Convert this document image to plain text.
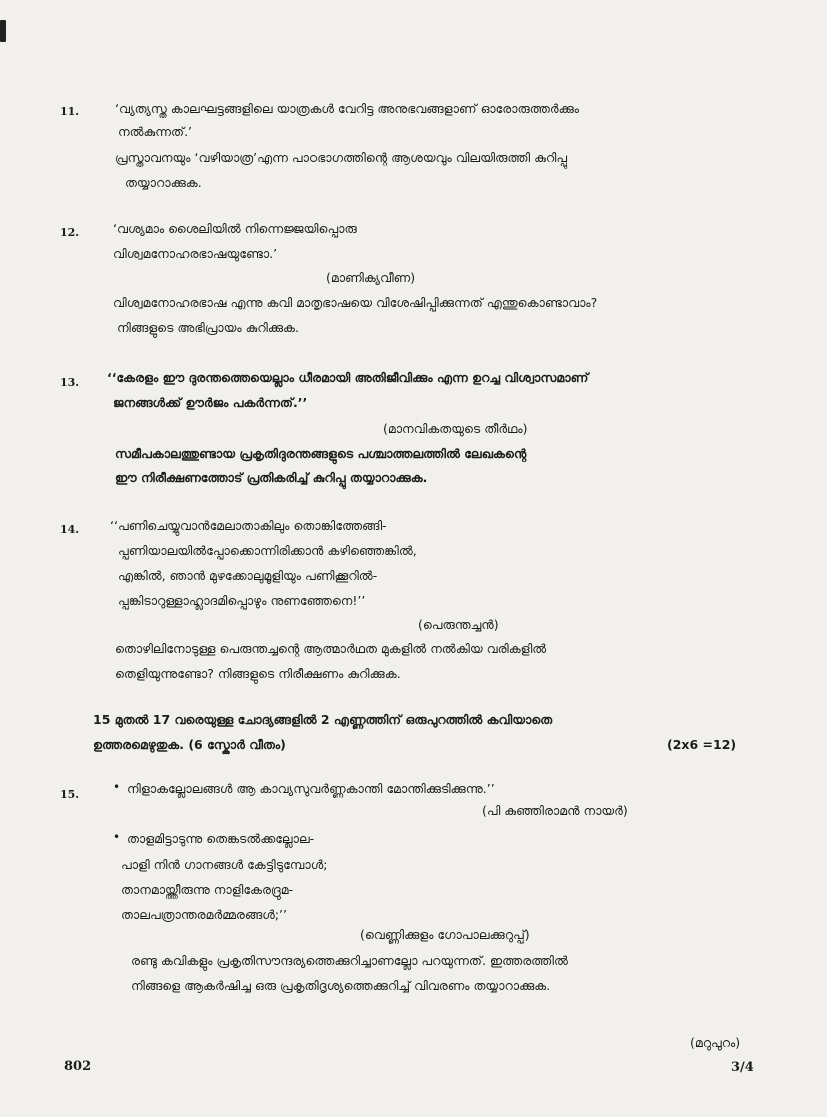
11.	‘വ്യത്യസ്ത കാലഘട്ടങ്ങളിലെ യാത്രകൾ വേറിട്ട അനുഭവങ്ങളാണ് ഓരോരുത്തർക്കും
നൽകുന്നത്.’
പ്രസ്താവനയും ‘വഴിയാത്ര’എന്ന പാഠഭാഗത്തിന്റെ ആശയവും വിലയിരുത്തി കുറിപ്പു
തയ്യാറാക്കുക.
12.	‘വശ്യമാം ശൈലിയിൽ നിന്നെജ്ജയിപ്പൊരു
വിശ്വമനോഹരഭാഷയുണ്ടോ.’
(മാണിക്യവീണ)
വിശ്വമനോഹരഭാഷ എന്നു കവി മാതൃഭാഷയെ വിശേഷിപ്പിക്കുന്നത് എന്തുകൊണ്ടാവാം?
നിങ്ങളുടെ അഭിപ്രായം കുറിക്കുക.
13. ‘‘കേരളം ഈ ദുരന്തത്തെയെല്ലാം ധീരമായി അതിജീവിക്കും എന്ന ഉറച്ച വിശ്വാസമാണ്
ജനങ്ങൾക്ക് ഊർജം പകർന്നത്.’’
(മാനവികതയുടെ തീർഥം)
സമീപകാലത്തുണ്ടായ പ്രകൃതിദുരന്തങ്ങളുടെ പശ്ചാത്തലത്തിൽ ലേഖകന്റെ
ഈ നിരീക്ഷണത്തോട് പ്രതികരിച്ച് കുറിപ്പു തയ്യാറാക്കുക.
14. ‘‘പണിചെയ്യുവാൻമേലാതാകിലും തൊങ്കിത്തേങ്ങി-
പ്പണിയാലയിൽപ്പോക്കൊന്നിരിക്കാൻ കഴിഞ്ഞെങ്കിൽ,
എങ്കിൽ, ഞാൻ മുഴക്കോലുമൂളിയും പണിക്കൂറിൽ-
പ്പങ്കിടാറുള്ളാഹ്ലാദമിപ്പൊഴും നുണഞ്ഞേനെ!’’
(പെരുന്തച്ചൻ)
തൊഴിലിനോടുള്ള പെരുന്തച്ചന്റെ ആത്മാർഥത മുകളിൽ നൽകിയ വരികളിൽ
തെളിയുന്നുണ്ടോ? നിങ്ങളുടെ നിരീക്ഷണം കുറിക്കുക.
15 മുതൽ 17 വരെയുള്ള ചോദ്യങ്ങളിൽ 2 എണ്ണത്തിന് ഒരുപുറത്തിൽ കവിയാതെ
ഉത്തരമെഴുതുക. (6 സ്കോർ വീതം)	(2x6 =12)
15.
• നിളാകല്ലോലങ്ങൾ ആ കാവ്യസുവർണ്ണകാന്തി മോന്തിക്കുടിക്കുന്നു.’’
(പി കുഞ്ഞിരാമൻ നായർ)
• താളമിട്ടാടുന്നു തെങ്കടൽക്കല്ലോല-
പാളി നിൻ ഗാനങ്ങൾ കേട്ടിടുമ്പോൾ;
താനമായ്ത്തീരുന്നു നാളികേരദ്രുമ-
താലപത്രാന്തരമർമ്മരങ്ങൾ;’’
(വെണ്ണിക്കുളം ഗോപാലക്കുറുപ്പ്)
രണ്ടു കവികളും പ്രകൃതിസൗന്ദര്യത്തെക്കുറിച്ചാണല്ലോ പറയുന്നത്. ഇത്തരത്തിൽ
നിങ്ങളെ ആകർഷിച്ച ഒരു പ്രകൃതിദൃശ്യത്തെക്കുറിച്ച് വിവരണം തയ്യാറാക്കുക.
(മറുപുറം)
802	3/4
